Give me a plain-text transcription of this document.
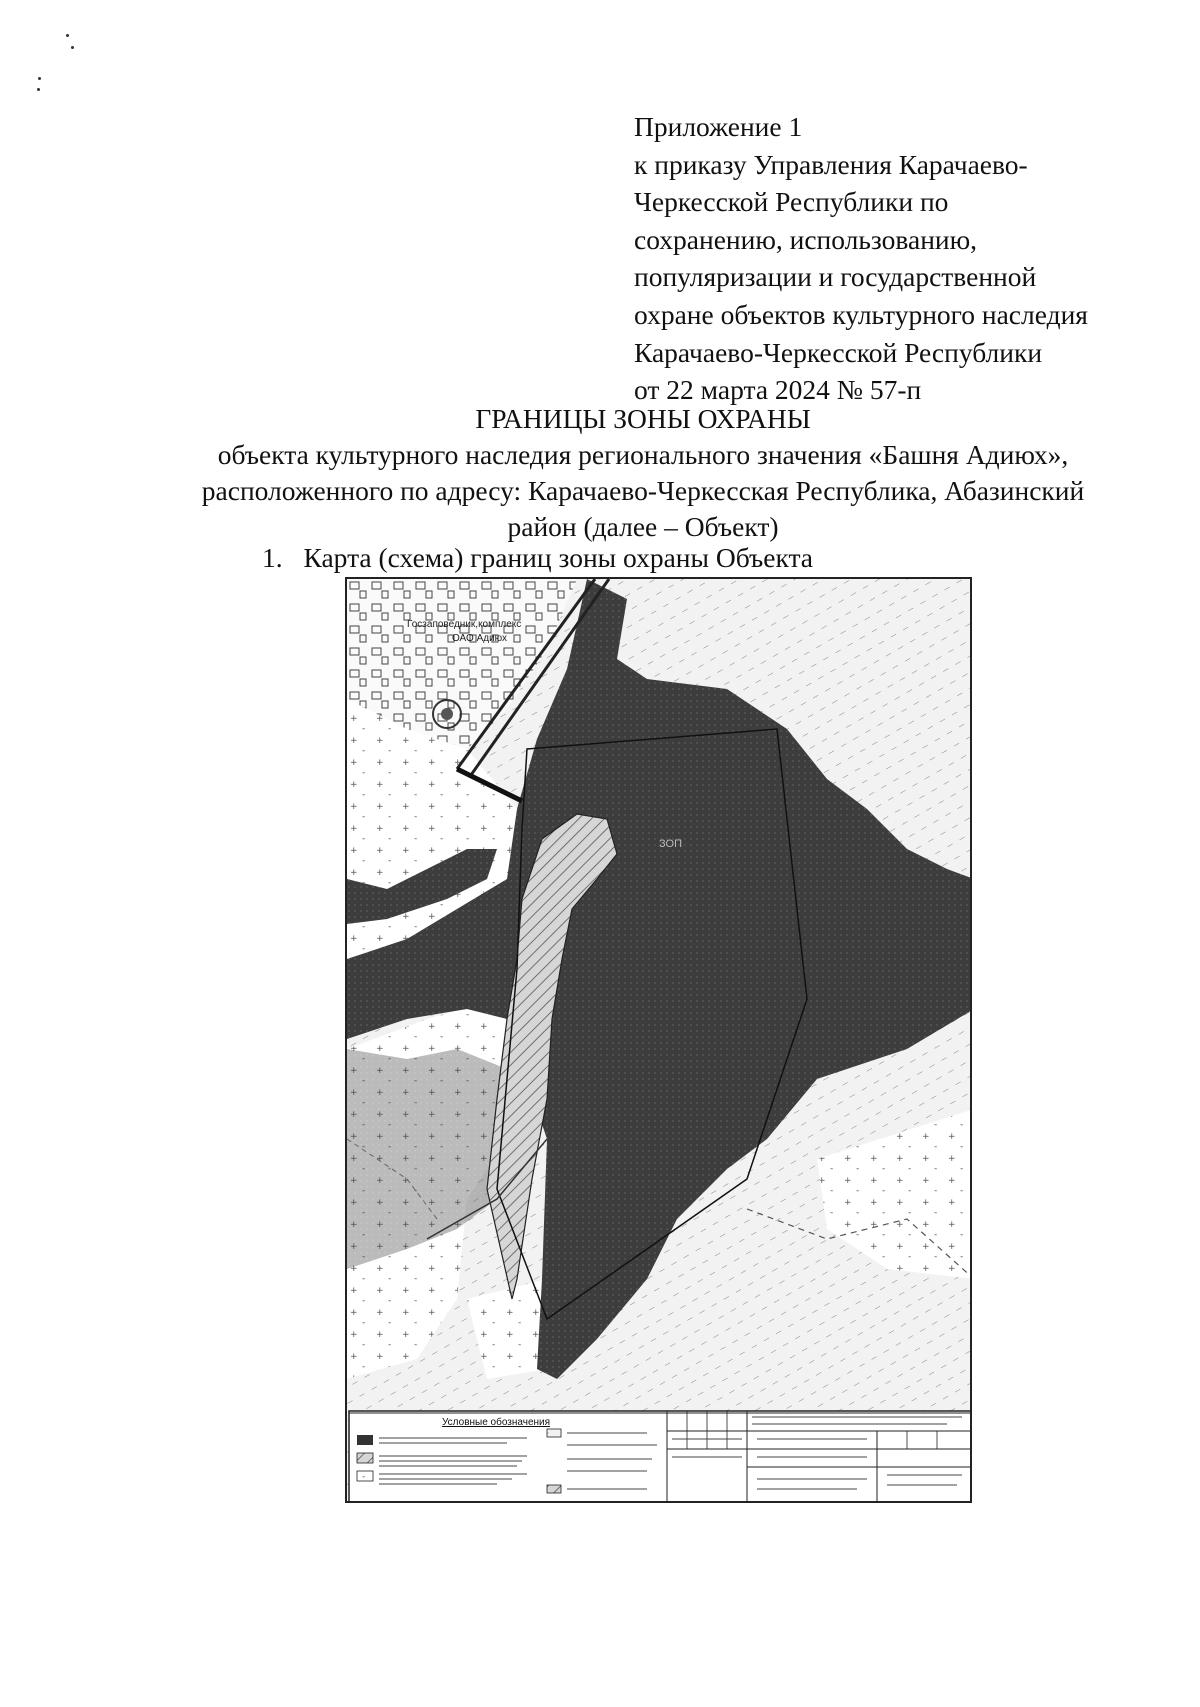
Приложение 1
к приказу Управления Карачаево-
Черкесской Республики по
сохранению, использованию,
популяризации и государственной
охране объектов культурного наследия
Карачаево-Черкесской Республики
от 22 марта 2024 № 57-п
ГРАНИЦЫ ЗОНЫ ОХРАНЫ
объекта культурного наследия регионального значения «Башня Адиюх»,
расположенного по адресу: Карачаево-Черкесская Республика, Абазинский
район (далее – Объект)
1. Карта (схема) границ зоны охраны Объекта
Госзаповедник,комплекс
ОАО Адиюх
ЗОП
Условные обозначения
